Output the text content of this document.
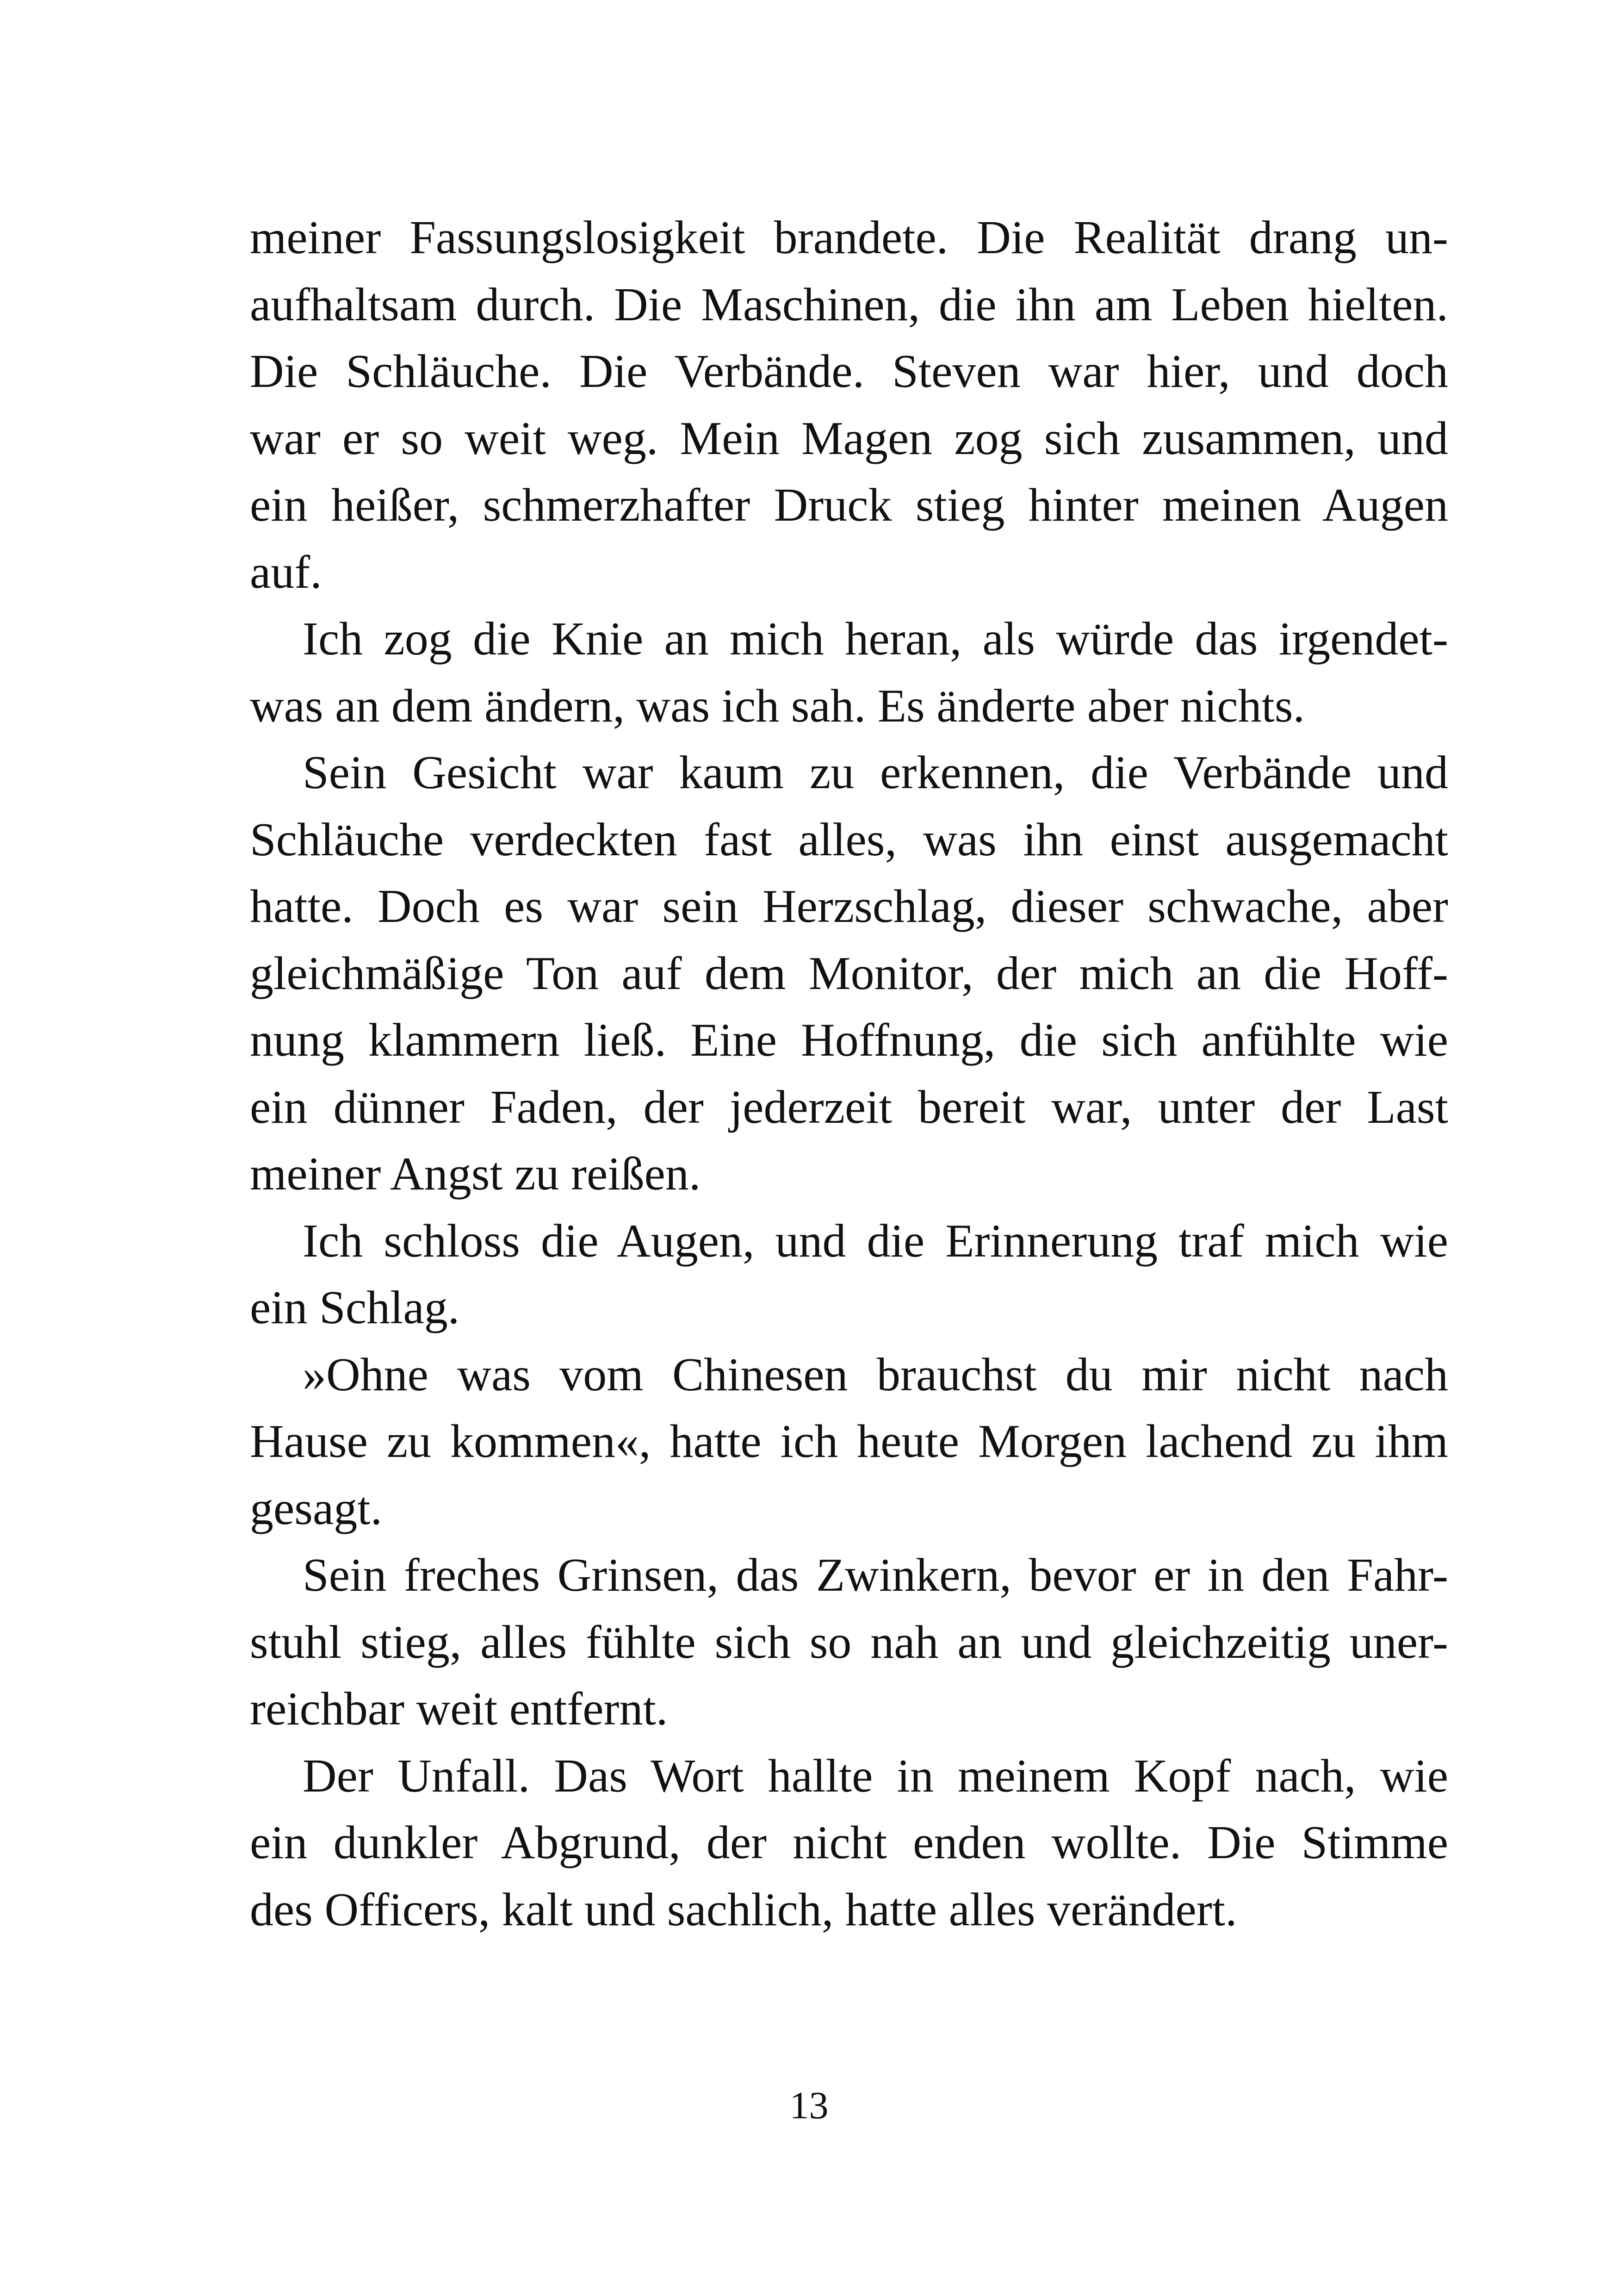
meiner Fassungslosigkeit brandete. Die Realität drang un-
aufhaltsam durch. Die Maschinen, die ihn am Leben hielten.
Die Schläuche. Die Verbände. Steven war hier, und doch
war er so weit weg. Mein Magen zog sich zusammen, und
ein heißer, schmerzhafter Druck stieg hinter meinen Augen
auf.
Ich zog die Knie an mich heran, als würde das irgendet-
was an dem ändern, was ich sah. Es änderte aber nichts.
Sein Gesicht war kaum zu erkennen, die Verbände und
Schläuche verdeckten fast alles, was ihn einst ausgemacht
hatte. Doch es war sein Herzschlag, dieser schwache, aber
gleichmäßige Ton auf dem Monitor, der mich an die Hoff-
nung klammern ließ. Eine Hoffnung, die sich anfühlte wie
ein dünner Faden, der jederzeit bereit war, unter der Last
meiner Angst zu reißen.
Ich schloss die Augen, und die Erinnerung traf mich wie
ein Schlag.
»Ohne was vom Chinesen brauchst du mir nicht nach
Hause zu kommen«, hatte ich heute Morgen lachend zu ihm
gesagt.
Sein freches Grinsen, das Zwinkern, bevor er in den Fahr-
stuhl stieg, alles fühlte sich so nah an und gleichzeitig uner-
reichbar weit entfernt.
Der Unfall. Das Wort hallte in meinem Kopf nach, wie
ein dunkler Abgrund, der nicht enden wollte. Die Stimme
des Officers, kalt und sachlich, hatte alles verändert.
13
